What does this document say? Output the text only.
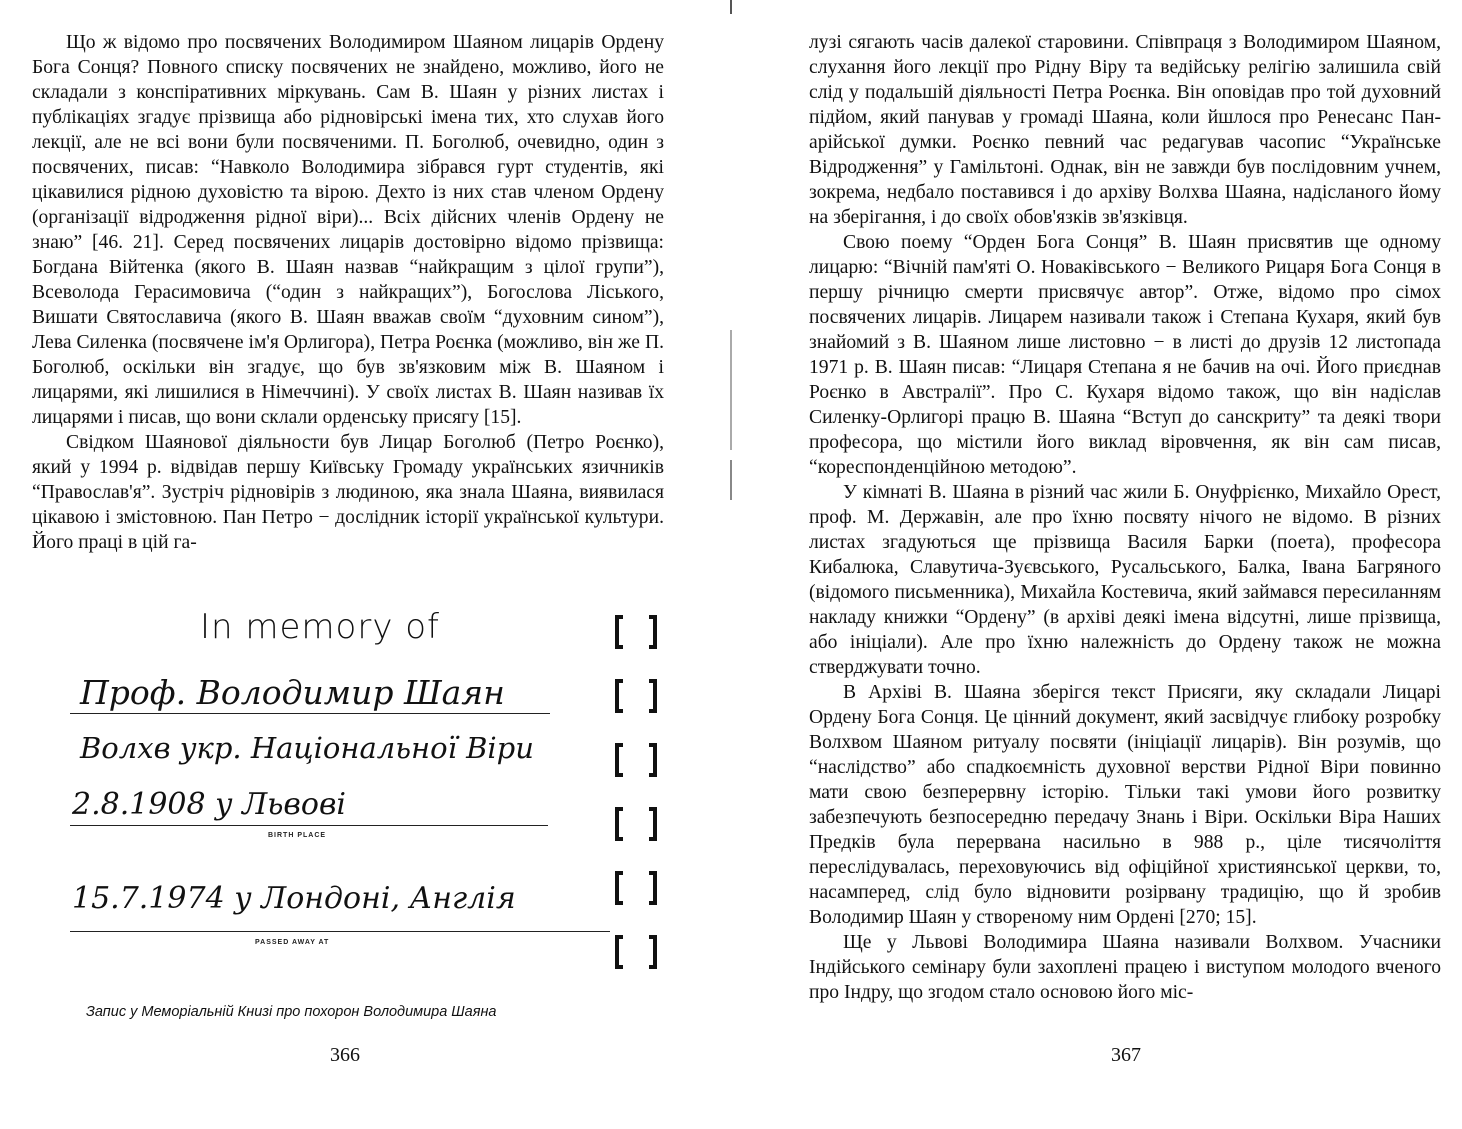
Що ж відомо про посвячених Володимиром Шаяном лицарів Ордену Бога Сонця? Повного списку посвячених не знайдено, можливо, його не складали з конспіративних міркувань. Сам В. Шаян у різних листах і публікаціях згадує прізвища або рідновірські імена тих, хто слухав його лекції, але не всі вони були посвяченими. П. Боголюб, очевидно, один з посвячених, писав: “Навколо Володимира зібрався гурт студентів, які цікавилися рідною духовістю та вірою. Дехто із них став членом Ордену (організації відродження рідної віри)... Всіх дійсних членів Ордену не знаю” [46. 21]. Серед посвячених лицарів достовірно відомо прізвища: Богдана Війтенка (якого В. Шаян назвав “найкращим з цілої групи”), Всеволода Герасимовича (“один з найкращих”), Богослова Ліського, Вишати Святославича (якого В. Шаян вважав своїм “духовним сином”), Лева Силенка (посвячене ім'я Орлигора), Петра Роєнка (можливо, він же П. Боголюб, оскільки він згадує, що був зв'язковим між В. Шаяном і лицарями, які лишилися в Німеччині). У своїх листах В. Шаян називав їх лицарями і писав, що вони склали орденську присягу [15].

Свідком Шаянової діяльности був Лицар Боголюб (Петро Роєнко), який у 1994 р. відвідав першу Київську Громаду українських язичників “Православ'я”. Зустріч рідновірів з людиною, яка знала Шаяна, виявилася цікавою і змістовною. Пан Петро − дослідник історії української культури. Його праці в цій га-

In memory of
Проф. Володимир Шаян
Волхв укр. Національної Віри
2.8.1908 у Львові
BIRTH PLACE
15.7.1974 у Лондоні, Англія
PASSED AWAY AT
Запис у Меморіальній Книзі про похорон Володимира Шаяна
366

лузі сягають часів далекої старовини. Співпраця з Володимиром Шаяном, слухання його лекції про Рідну Віру та ведійську релігію залишила свій слід у подальшій діяльності Петра Роєнка. Він оповідав про той духовний підйом, який панував у громаді Шаяна, коли йшлося про Ренесанс Пан-арійської думки. Роєнко певний час редагував часопис “Українське Відродження” у Гамільтоні. Однак, він не завжди був послідовним учнем, зокрема, недбало поставився і до архіву Волхва Шаяна, надісланого йому на зберігання, і до своїх обов'язків зв'язківця.

Свою поему “Орден Бога Сонця” В. Шаян присвятив ще одному лицарю: “Вічній пам'яті О. Новаківського − Великого Рицаря Бога Сонця в першу річницю смерти присвячує автор”. Отже, відомо про сімох посвячених лицарів. Лицарем називали також і Степана Кухаря, який був знайомий з В. Шаяном лише листовно − в листі до друзів 12 листопада 1971 р. В. Шаян писав: “Лицаря Степана я не бачив на очі. Його приєднав Роєнко в Австралії”. Про С. Кухаря відомо також, що він надіслав Силенку-Орлигорі працю В. Шаяна “Вступ до санскриту” та деякі твори професора, що містили його виклад віровчення, як він сам писав, “кореспонденційною методою”.

У кімнаті В. Шаяна в різний час жили Б. Онуфрієнко, Михайло Орест, проф. М. Державін, але про їхню посвяту нічого не відомо. В різних листах згадуються ще прізвища Василя Барки (поета), професора Кибалюка, Славутича-Зуєвського, Русальського, Балка, Івана Багряного (відомого письменника), Михайла Костевича, який займався пересиланням накладу книжки “Ордену” (в архіві деякі імена відсутні, лише прізвища, або ініціали). Але про їхню належність до Ордену також не можна стверджувати точно.

В Архіві В. Шаяна зберігся текст Присяги, яку складали Лицарі Ордену Бога Сонця. Це цінний документ, який засвідчує глибоку розробку Волхвом Шаяном ритуалу посвяти (ініціації лицарів). Він розумів, що “наслідство” або спадкоємність духовної верстви Рідної Віри повинно мати свою безперервну історію. Тільки такі умови його розвитку забезпечують безпосередню передачу Знань і Віри. Оскільки Віра Наших Предків була перервана насильно в 988 р., ціле тисячоліття переслідувалась, переховуючись від офіційної християнської церкви, то, насамперед, слід було відновити розірвану традицію, що й зробив Володимир Шаян у створеному ним Ордені [270; 15].

Ще у Львові Володимира Шаяна називали Волхвом. Учасники Індійського семінару були захоплені працею і виступом молодого вченого про Індру, що згодом стало основою його міс-

367
